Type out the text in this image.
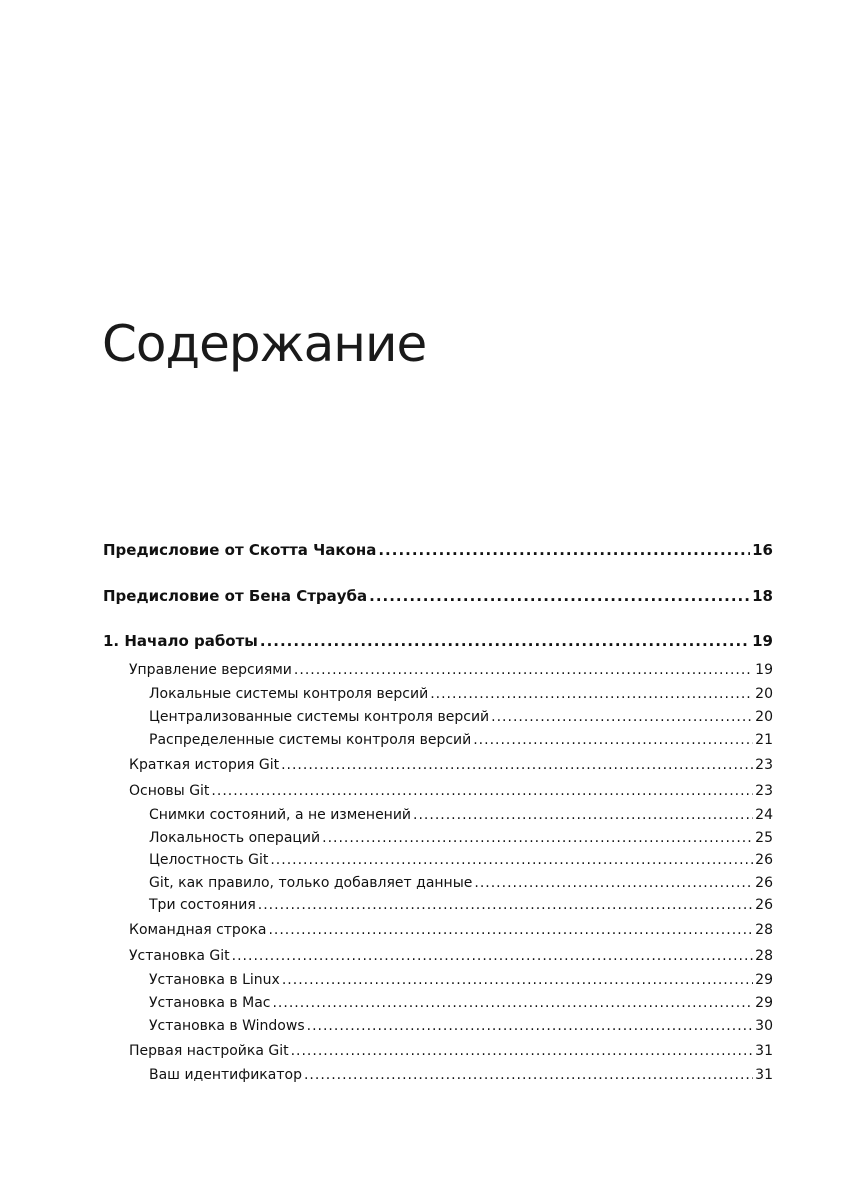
Содержание
Предисловие от Скотта Чакона .....	16
Предисловие от Бена Страуба .....	18
1. Начало работы .....	19
Управление версиями .....	19
Локальные системы контроля версий .....	20
Централизованные системы контроля версий .....	20
Распределенные системы контроля версий .....	21
Краткая история Git .....	23
Основы Git .....	23
Снимки состояний, а не изменений .....	24
Локальность операций .....	25
Целостность Git .....	26
Git, как правило, только добавляет данные .....	26
Три состояния .....	26
Командная строка .....	28
Установка Git .....	28
Установка в Linux .....	29
Установка в Mac .....	29
Установка в Windows .....	30
Первая настройка Git .....	31
Ваш идентификатор .....	31
